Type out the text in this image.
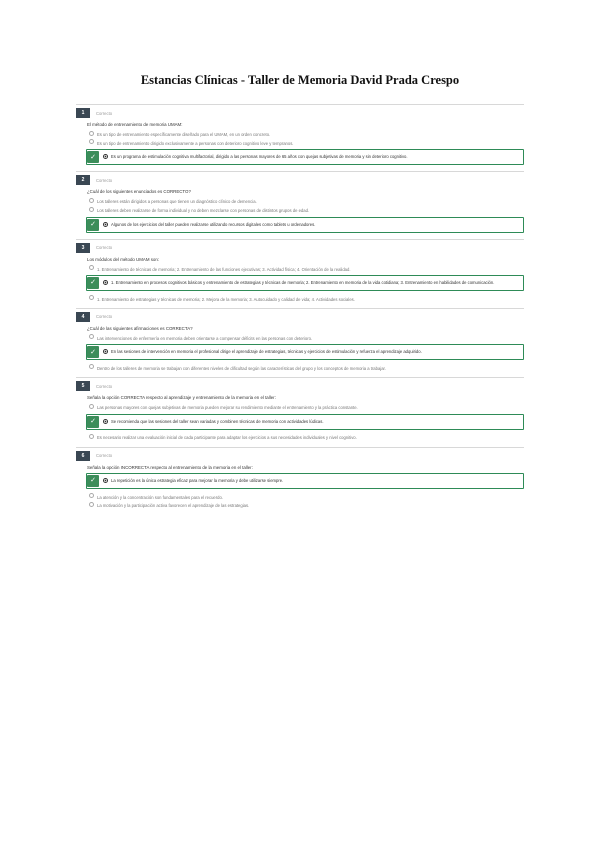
Estancias Clínicas - Taller de Memoria David Prada Crespo
1	Correcto
El método de entrenamiento de memoria UMAM:
Es un tipo de entrenamiento específicamente diseñado para el UMAM, en un orden concreto.
Es un tipo de entrenamiento dirigido exclusivamente a personas con deterioro cognitivo leve y tempranos.
✓	Es un programa de estimulación cognitiva multifactorial, dirigido a las personas mayores de 65 años con quejas subjetivas de memoria y sin deterioro cognitivo.
2	Correcto
¿Cuál de los siguientes enunciados es CORRECTO?
Los talleres están dirigidos a personas que tienen un diagnóstico clínico de demencia.
Los talleres deben realizarse de forma individual y no deben mezclarse con personas de distintos grupos de edad.
✓	Algunos de los ejercicios del taller pueden realizarse utilizando recursos digitales como tablets u ordenadores.
3	Correcto
Los módulos del método UMAM son:
1. Entrenamiento de técnicas de memoria; 2. Entrenamiento de las funciones ejecutivas; 3. Actividad física; 4. Orientación de la realidad.
✓	1. Entrenamiento en procesos cognitivos básicos y entrenamiento de estrategias y técnicas de memoria; 2. Entrenamiento en memoria de la vida cotidiana; 3. Entrenamiento en habilidades de comunicación.
1. Entrenamiento de estrategias y técnicas de memoria; 2. Mejora de la memoria; 3. Autocuidado y calidad de vida; 4. Actividades sociales.
4	Correcto
¿Cuál de las siguientes afirmaciones es CORRECTA?
Las intervenciones de enfermería en memoria deben orientarse a compensar déficits en las personas con deterioro.
✓	En las sesiones de intervención en memoria el profesional dirige el aprendizaje de estrategias, técnicas y ejercicios de estimulación y refuerza el aprendizaje adquirido.
Dentro de los talleres de memoria se trabajan con diferentes niveles de dificultad según las características del grupo y los conceptos de memoria a trabajar.
5	Correcto
Señala la opción CORRECTA respecto al aprendizaje y entrenamiento de la memoria en el taller:
Las personas mayores con quejas subjetivas de memoria pueden mejorar su rendimiento mediante el entrenamiento y la práctica constante.
✓	Se recomienda que las sesiones del taller sean variadas y combinen técnicas de memoria con actividades lúdicas.
Es necesario realizar una evaluación inicial de cada participante para adaptar los ejercicios a sus necesidades individuales y nivel cognitivo.
6	Correcto
Señala la opción INCORRECTA respecto al entrenamiento de la memoria en el taller:
✓	La repetición es la única estrategia eficaz para mejorar la memoria y debe utilizarse siempre.
La atención y la concentración son fundamentales para el recuerdo.
La motivación y la participación activa favorecen el aprendizaje de las estrategias.
